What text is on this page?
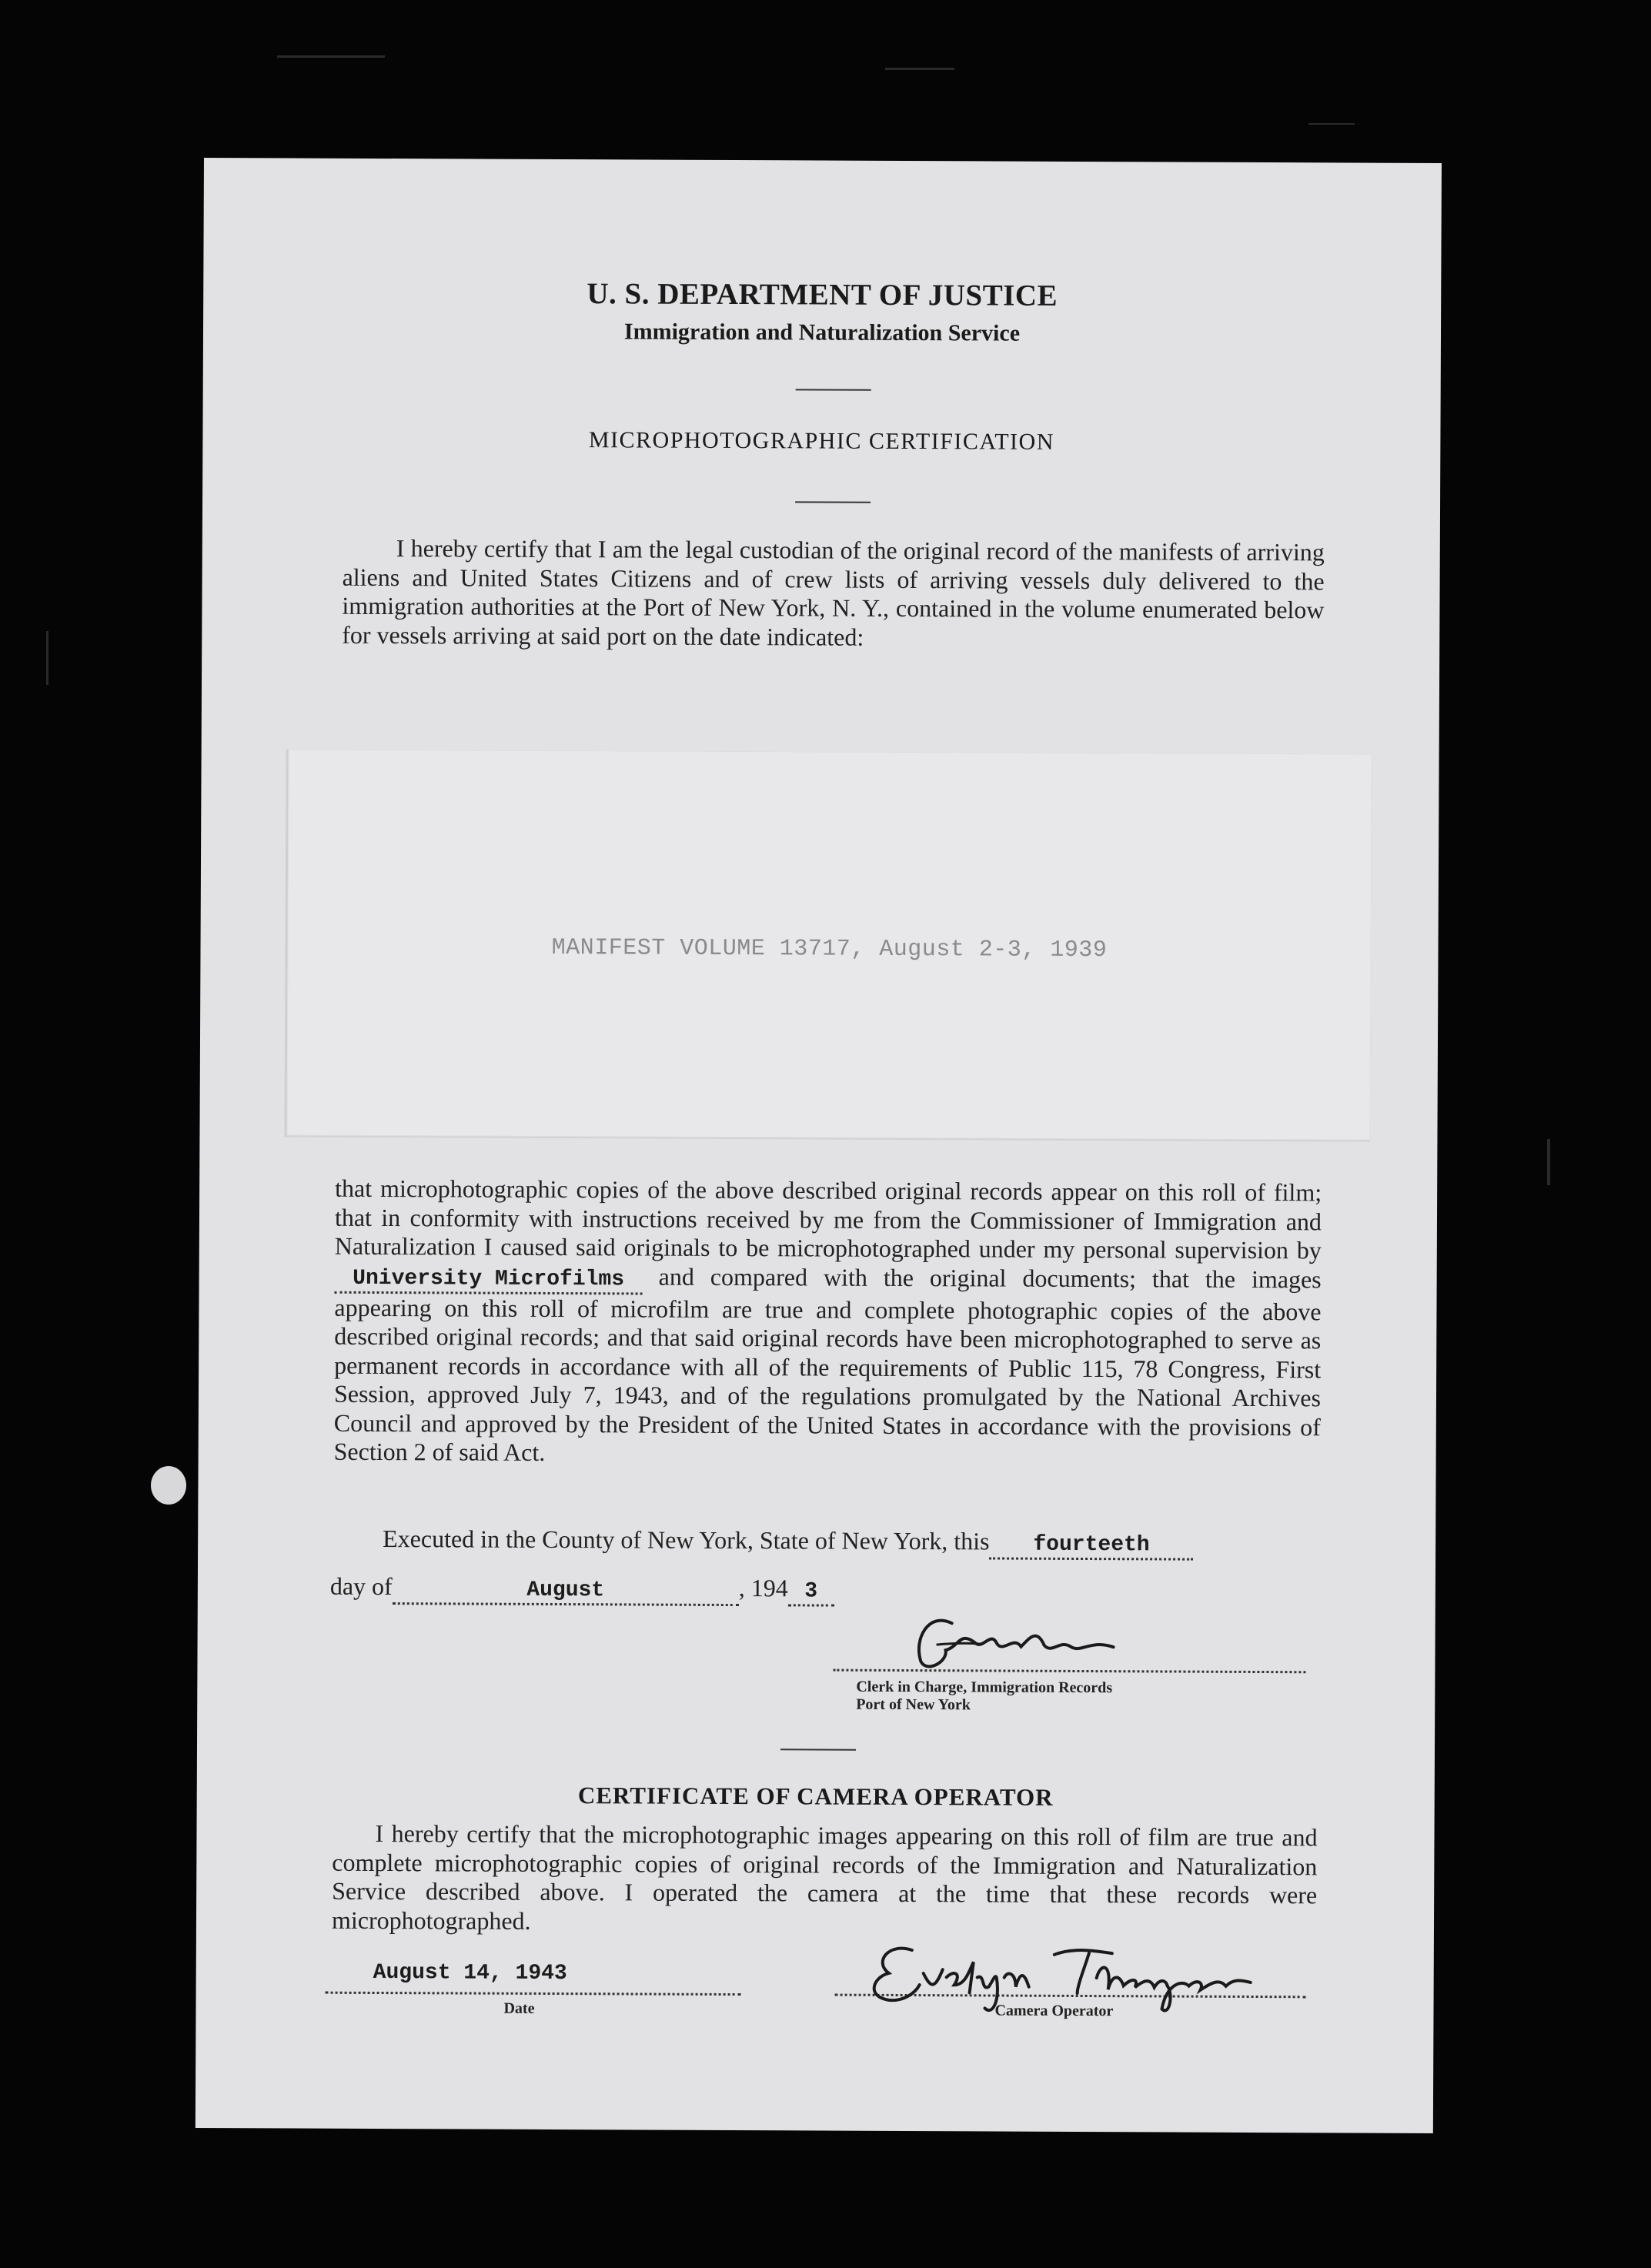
U. S. DEPARTMENT OF JUSTICE
Immigration and Naturalization Service
MICROPHOTOGRAPHIC CERTIFICATION
I hereby certify that I am the legal custodian of the original record of the manifests of arriving aliens and United States Citizens and of crew lists of arriving vessels duly delivered to the immigration authorities at the Port of New York, N. Y., contained in the volume enumerated below for vessels arriving at said port on the date indicated:
MANIFEST VOLUME 13717, August 2-3, 1939
that microphotographic copies of the above described original records appear on this roll of film; that in conformity with instructions received by me from the Commissioner of Immigration and Naturalization I caused said originals to be microphotographed under my personal supervision byUniversity Microfilms and compared with the original documents; that the images appearing on this roll of microfilm are true and complete photographic copies of the above described original records; and that said original records have been microphotographed to serve as permanent records in accordance with all of the requirements of Public 115, 78 Congress, First Session, approved July 7, 1943, and of the regulations promulgated by the National Archives Council and approved by the President of the United States in accordance with the provisions of Section 2 of said Act.
Executed in the County of New York, State of New York, this fourteeth
day of	August	, 194 3
Clerk in Charge, Immigration Records
Port of New York
CERTIFICATE OF CAMERA OPERATOR
I hereby certify that the microphotographic images appearing on this roll of film are true and complete microphotographic copies of original records of the Immigration and Naturalization Service described above. I operated the camera at the time that these records were microphotographed.
August 14, 1943
Date	Camera Operator
